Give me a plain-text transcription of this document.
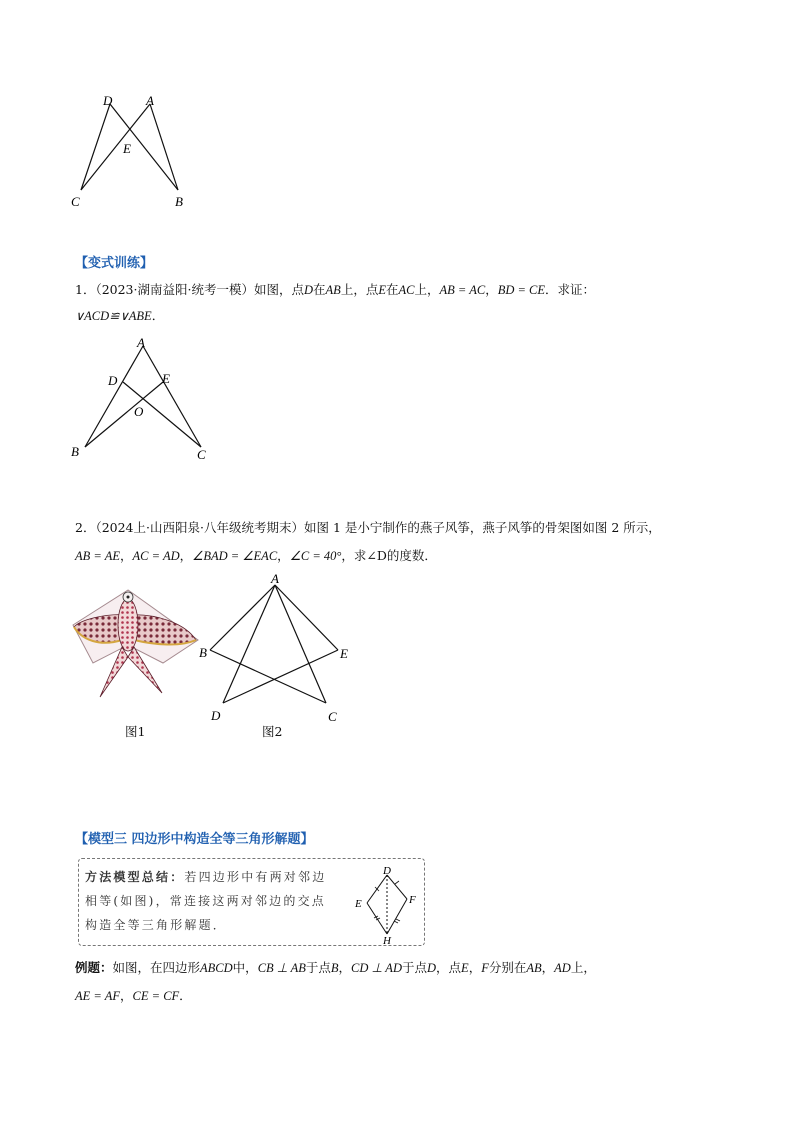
D	A
E
C	B
【变式训练】
1．（2023·湖南益阳·统考一模）如图，点D在AB上，点E在AC上，AB = AC，BD = CE．求证：
∨ACD≌∨ABE．
A
D	E
O
B	C
2．（2024上·山西阳泉·八年级统考期末）如图 1 是小宁制作的燕子风筝，燕子风筝的骨架图如图 2 所示，
AB = AE，AC = AD，∠BAD = ∠EAC，∠C = 40°，求∠D的度数．
A
B	E
D	C
图1	图2
【模型三 四边形中构造全等三角形解题】
方法模型总结：若四边形中有两对邻边
相等(如图)，常连接这两对邻边的交点
构造全等三角形解题．
D
E	F
H
例题：如图，在四边形ABCD中，CB ⊥ AB于点B，CD ⊥ AD于点D，点E，F分别在AB，AD上，
AE = AF，CE = CF．
